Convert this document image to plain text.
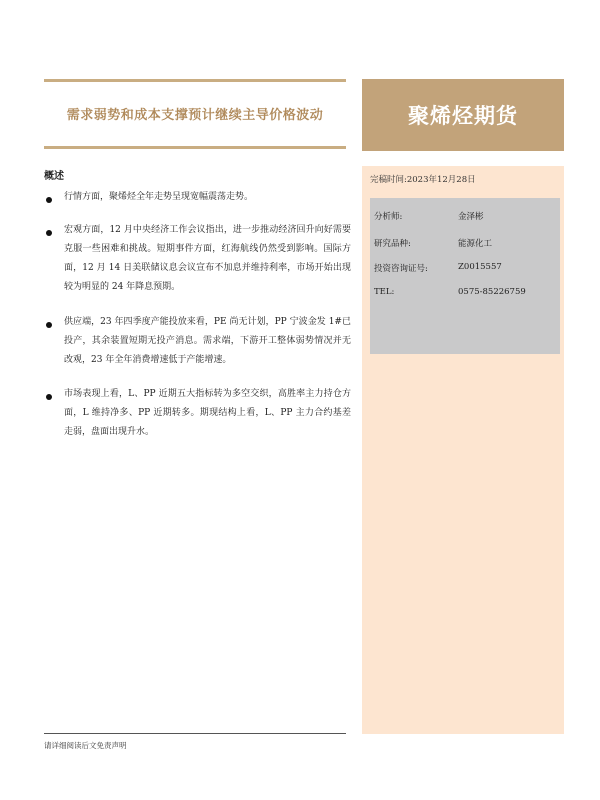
需求弱势和成本支撑预计继续主导价格波动	聚烯烃期货
完稿时间:2023年12月28日
分析师:	金泽彬
研究品种:	能源化工
投资咨询证号:	Z0015557
TEL:	0575-85226759
概述
行情方面，聚烯烃全年走势呈现宽幅震荡走势。
宏观方面，12 月中央经济工作会议指出，进一步推动经济回升向好需要克服一些困难和挑战。短期事件方面，红海航线仍然受到影响。国际方面，12 月 14 日美联储议息会议宣布不加息并维持利率，市场开始出现较为明显的 24 年降息预期。
供应端，23 年四季度产能投放来看，PE 尚无计划，PP 宁波金发 1#已投产，其余装置短期无投产消息。需求端，下游开工整体弱势情况并无改观，23 年全年消费增速低于产能增速。
市场表现上看，L、PP 近期五大指标转为多空交织，高胜率主力持仓方面，L 维持净多、PP 近期转多。期现结构上看，L、PP 主力合约基差走弱，盘面出现升水。
请详细阅读后文免责声明
